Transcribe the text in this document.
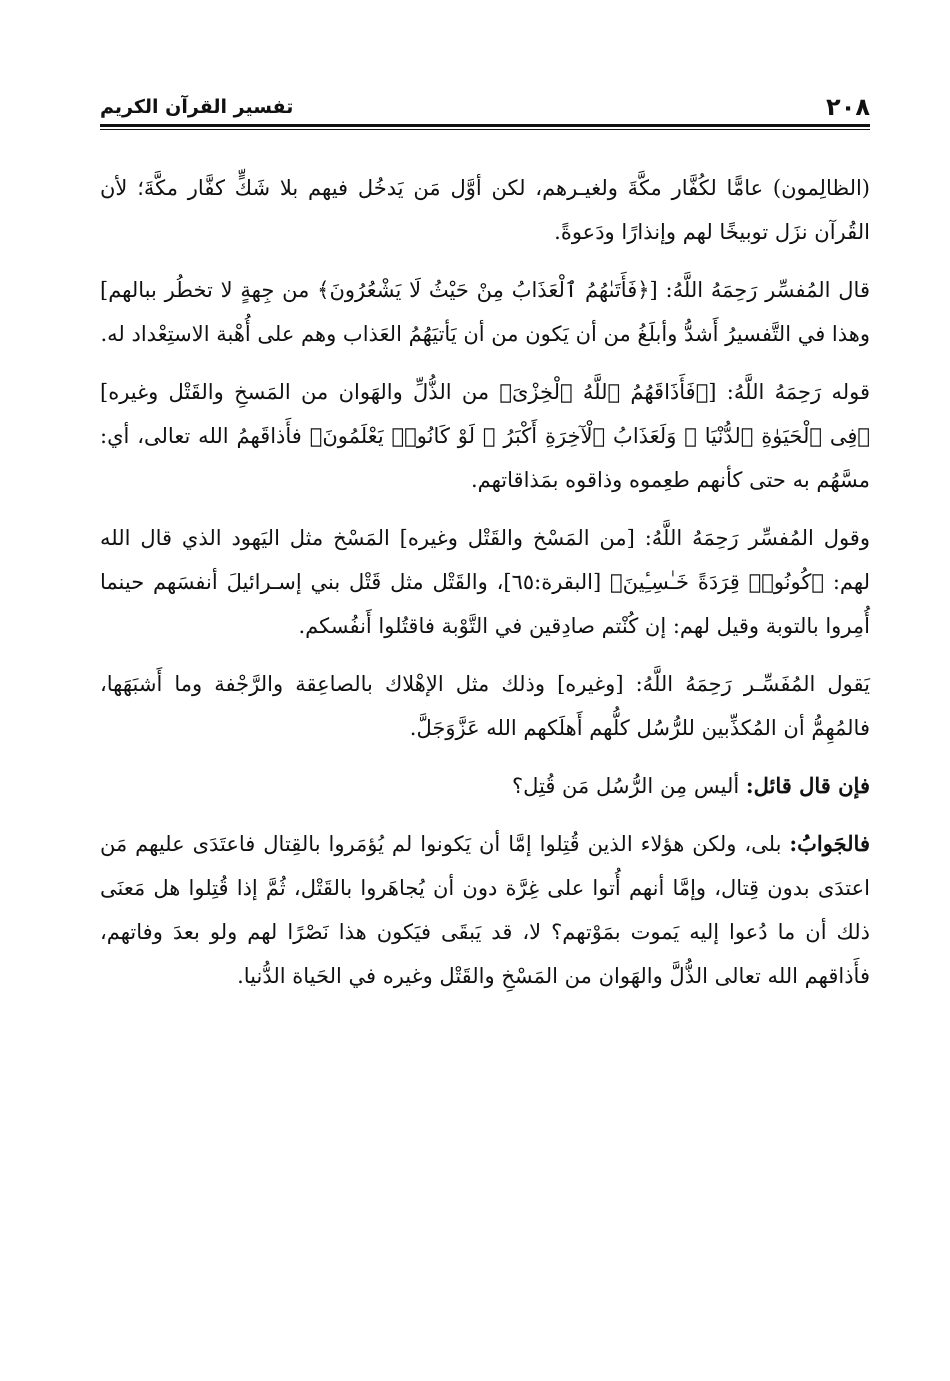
٢٠٨
تفسير القرآن الكريم

(الظالِمون) عامًّا لكُفَّار مكَّةَ ولغيـرهم، لكن أوَّل مَن يَدخُل فيهم بلا شَكٍّ كفَّار مكَّةَ؛ لأن القُرآن نزَل توبيخًا لهم وإنذارًا ودَعوةً.

قال المُفسِّر رَحِمَهُ اللَّهُ: [﴿فَأَتَىٰهُمُ ٱلْعَذَابُ مِنْ حَيْثُ لَا يَشْعُرُونَ﴾ من جِهةٍ لا تخطُر ببالهم] وهذا في التَّفسيرُ أَشدُّ وأبلَغُ من أن يَكون من أن يَأتيَهُمُ العَذاب وهم على أُهْبة الاستِعْداد له.

قوله رَحِمَهُ اللَّهُ: [﴿فَأَذَاقَهُمُ ٱللَّهُ ٱلْخِزْىَ﴾ من الذُّلِّ والهَوان من المَسخِ والقَتْل وغيره] ﴿فِى ٱلْحَيَوٰةِ ٱلدُّنْيَا ۖ وَلَعَذَابُ ٱلْآخِرَةِ أَكْبَرُ ۚ لَوْ كَانُوا۟ يَعْلَمُونَ﴾ فأَذاقَهمُ الله تعالى، أي: مسَّهُم به حتى كأنهم طعِموه وذاقوه بمَذاقاتهم.

وقول المُفسِّر رَحِمَهُ اللَّهُ: [من المَسْخ والقَتْل وغيره] المَسْخ مثل اليَهود الذي قال الله لهم: ﴿كُونُوا۟ قِرَدَةً خَـٰسِـِٔينَ﴾ [البقرة:٦٥]، والقَتْل مثل قَتْل بني إسـرائيلَ أنفسَهم حينما أُمِروا بالتوبة وقيل لهم: إن كُنْتم صادِقين في التَّوْبة فاقتُلوا أَنفُسكم.

يَقول المُفَسِّـر رَحِمَهُ اللَّهُ: [وغيره] وذلك مثل الإهْلاك بالصاعِقة والرَّجْفة وما أَشبَهَها، فالمُهِمُّ أن المُكذِّبين للرُّسُل كلُّهم أَهلَكهم الله عَزَّوَجَلَّ.

فإن قال قائل: أليس مِن الرُّسُل مَن قُتِل؟

فالجَوابُ: بلى، ولكن هؤلاء الذين قُتِلوا إمَّا أن يَكونوا لم يُؤمَروا بالقِتال فاعتَدَى عليهم مَن اعتدَى بدون قِتال، وإمَّا أنهم أُتوا على غِرَّة دون أن يُجاهَروا بالقَتْل، ثُمَّ إذا قُتِلوا هل مَعنَى ذلك أن ما دُعوا إليه يَموت بمَوْتهم؟ لا، قد يَبقَى فيَكون هذا نَصْرًا لهم ولو بعدَ وفاتهم، فأَذاقهم الله تعالى الذُّلَّ والهَوان من المَسْخِ والقَتْل وغيره في الحَياة الدُّنيا.
